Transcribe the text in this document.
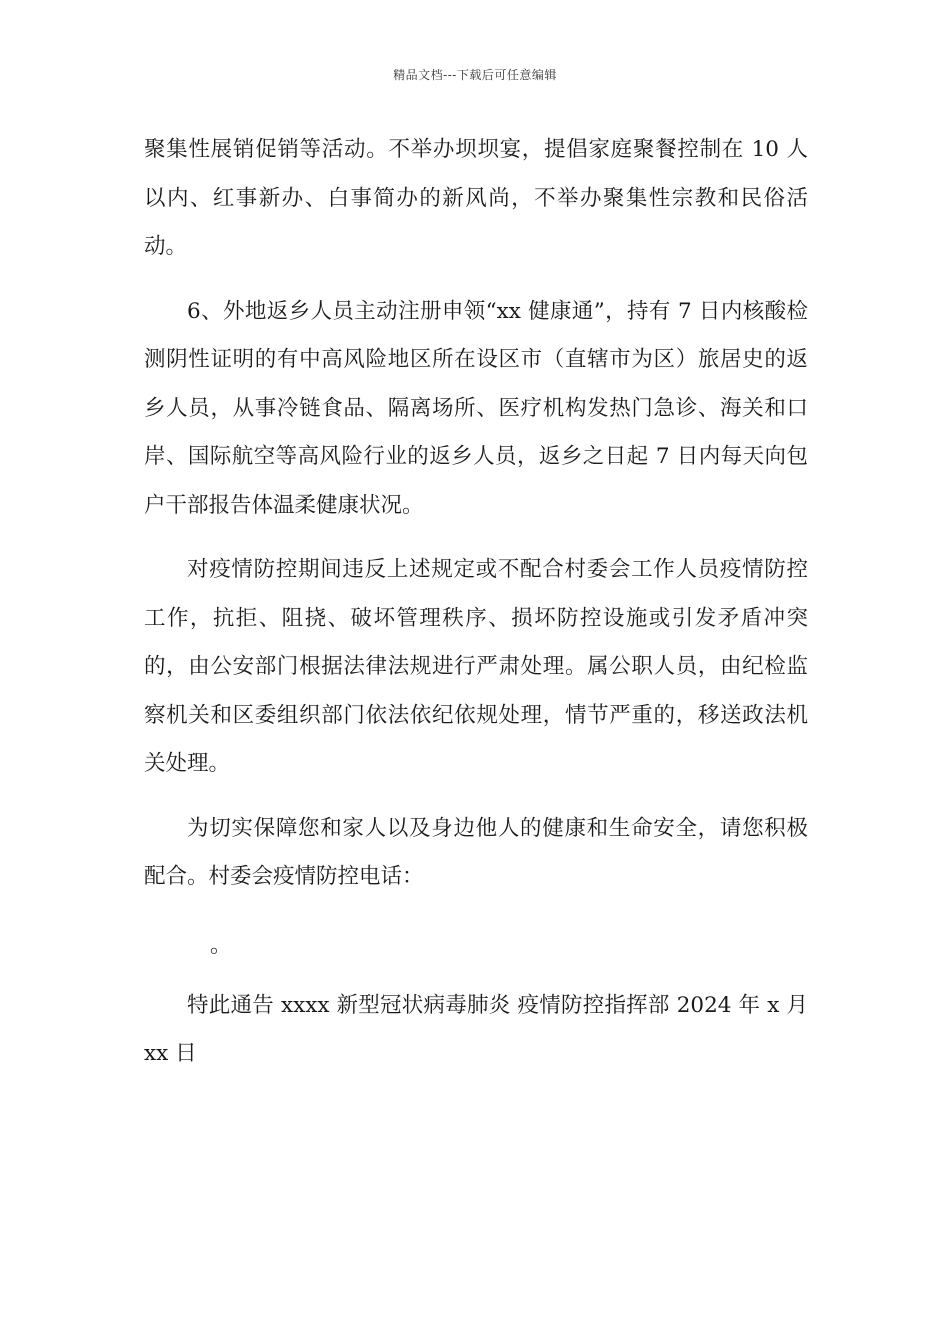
精品文档---下载后可任意编辑

聚集性展销促销等活动。不举办坝坝宴，提倡家庭聚餐控制在 10 人以内、红事新办、白事简办的新风尚，不举办聚集性宗教和民俗活动。

6、外地返乡人员主动注册申领“xx 健康通”，持有 7 日内核酸检测阴性证明的有中高风险地区所在设区市（直辖市为区）旅居史的返乡人员，从事冷链食品、隔离场所、医疗机构发热门急诊、海关和口岸、国际航空等高风险行业的返乡人员，返乡之日起 7 日内每天向包户干部报告体温柔健康状况。

对疫情防控期间违反上述规定或不配合村委会工作人员疫情防控工作，抗拒、阻挠、破坏管理秩序、损坏防控设施或引发矛盾冲突的，由公安部门根据法律法规进行严肃处理。属公职人员，由纪检监察机关和区委组织部门依法依纪依规处理，情节严重的，移送政法机关处理。

为切实保障您和家人以及身边他人的健康和生命安全，请您积极配合。村委会疫情防控电话：

。

特此通告 xxxx 新型冠状病毒肺炎 疫情防控指挥部 2024 年 x 月 xx 日
